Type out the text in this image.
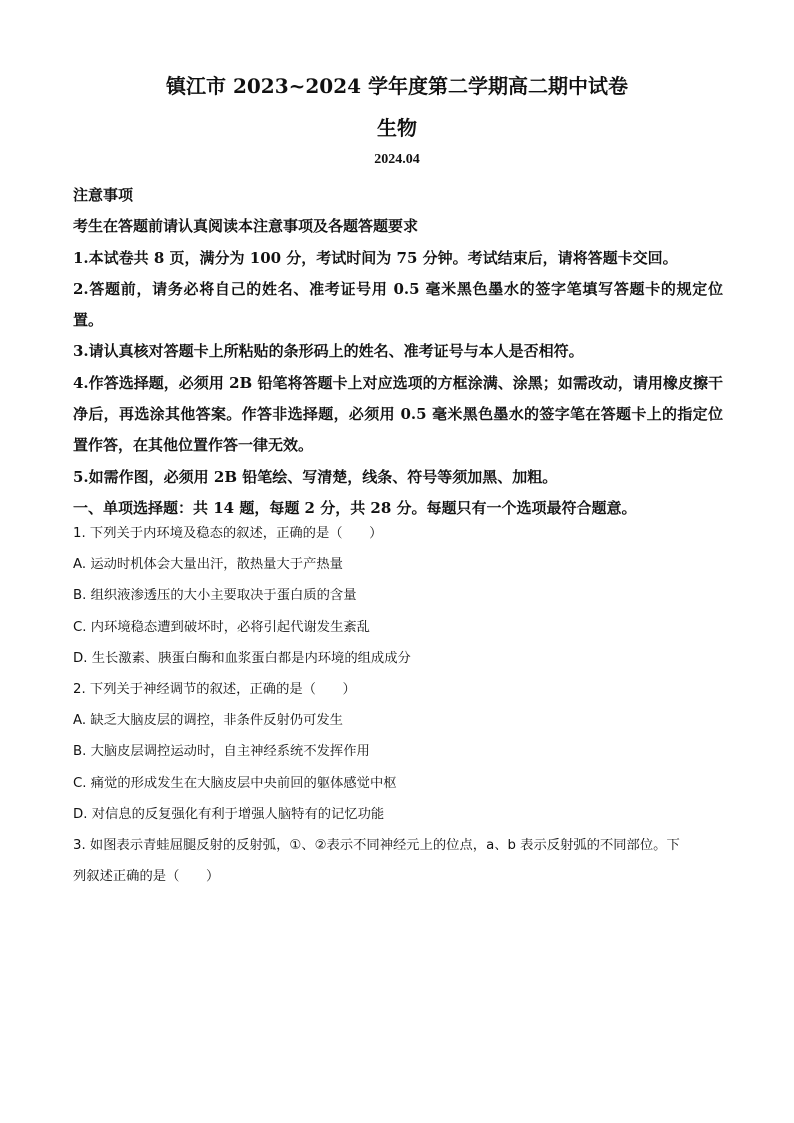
镇江市 2023~2024 学年度第二学期高二期中试卷
生物
2024.04
注意事项
考生在答题前请认真阅读本注意事项及各题答题要求
1.本试卷共 8 页，满分为 100 分，考试时间为 75 分钟。考试结束后，请将答题卡交回。
2.答题前，请务必将自己的姓名、准考证号用 0.5 毫米黑色墨水的签字笔填写答题卡的规定位置。
3.请认真核对答题卡上所粘贴的条形码上的姓名、准考证号与本人是否相符。
4.作答选择题，必须用 2B 铅笔将答题卡上对应选项的方框涂满、涂黑；如需改动，请用橡皮擦干净后，再选涂其他答案。作答非选择题，必须用 0.5 毫米黑色墨水的签字笔在答题卡上的指定位置作答，在其他位置作答一律无效。
5.如需作图，必须用 2B 铅笔绘、写清楚，线条、符号等须加黑、加粗。
一、单项选择题：共 14 题，每题 2 分，共 28 分。每题只有一个选项最符合题意。
1. 下列关于内环境及稳态的叙述，正确的是（　　）
A. 运动时机体会大量出汗，散热量大于产热量
B. 组织液渗透压的大小主要取决于蛋白质的含量
C. 内环境稳态遭到破坏时，必将引起代谢发生紊乱
D. 生长激素、胰蛋白酶和血浆蛋白都是内环境的组成成分
2. 下列关于神经调节的叙述，正确的是（　　）
A. 缺乏大脑皮层的调控，非条件反射仍可发生
B. 大脑皮层调控运动时，自主神经系统不发挥作用
C. 痛觉的形成发生在大脑皮层中央前回的躯体感觉中枢
D. 对信息的反复强化有利于增强人脑特有的记忆功能
3. 如图表示青蛙屈腿反射的反射弧，①、②表示不同神经元上的位点，a、b 表示反射弧的不同部位。下
列叙述正确的是（　　）
